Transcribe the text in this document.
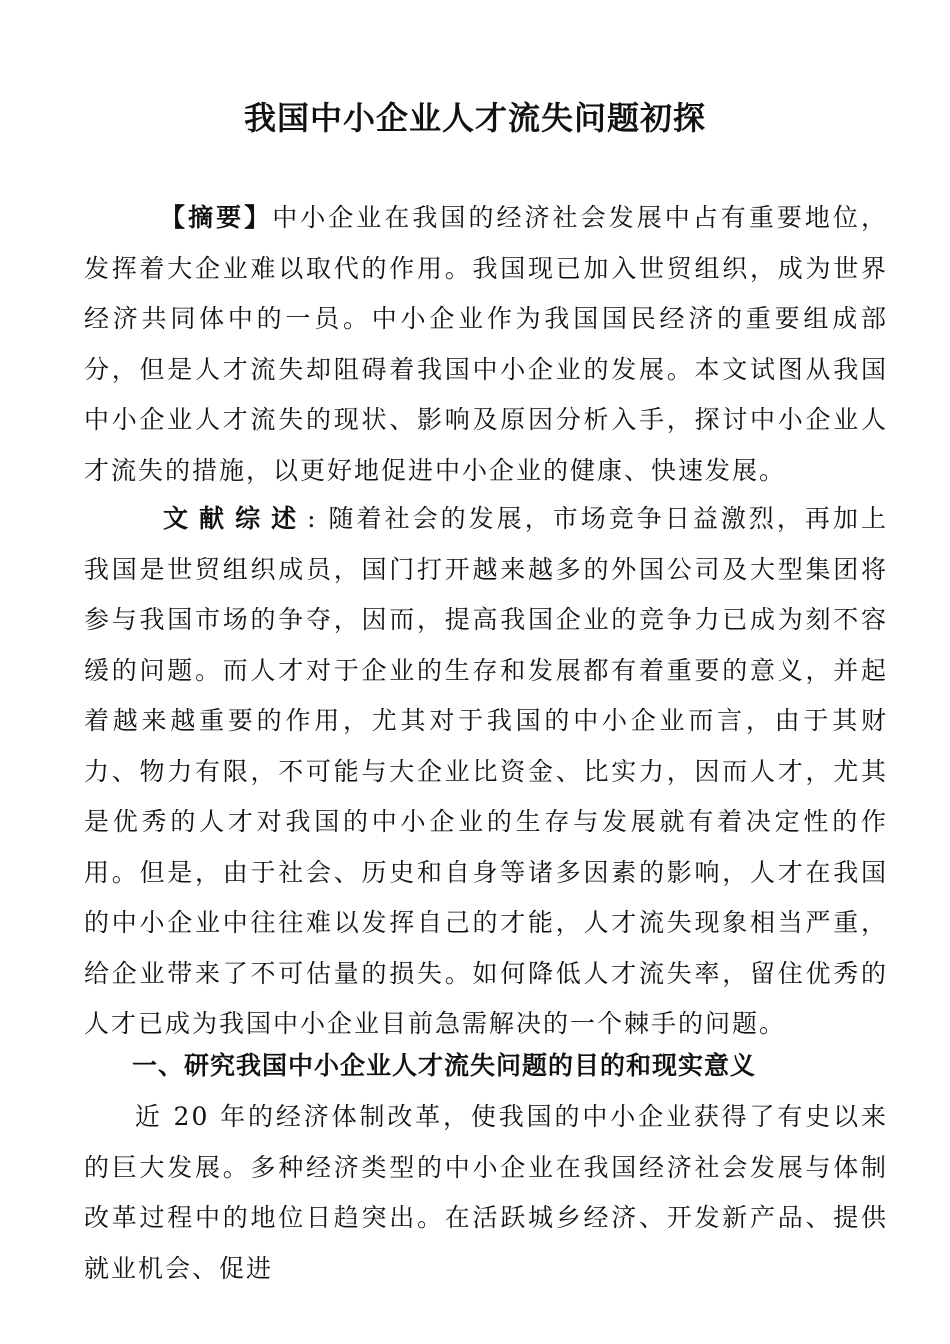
我国中小企业人才流失问题初探

【摘要】中小企业在我国的经济社会发展中占有重要地位，发挥着大企业难以取代的作用。我国现已加入世贸组织，成为世界经济共同体中的一员。中小企业作为我国国民经济的重要组成部分，但是人才流失却阻碍着我国中小企业的发展。本文试图从我国中小企业人才流失的现状、影响及原因分析入手，探讨中小企业人才流失的措施，以更好地促进中小企业的健康、快速发展。

文献综述: 随着社会的发展，市场竞争日益激烈，再加上我国是世贸组织成员，国门打开越来越多的外国公司及大型集团将参与我国市场的争夺，因而，提高我国企业的竞争力已成为刻不容缓的问题。而人才对于企业的生存和发展都有着重要的意义，并起着越来越重要的作用，尤其对于我国的中小企业而言，由于其财力、物力有限，不可能与大企业比资金、比实力，因而人才，尤其是优秀的人才对我国的中小企业的生存与发展就有着决定性的作用。但是，由于社会、历史和自身等诸多因素的影响，人才在我国的中小企业中往往难以发挥自己的才能，人才流失现象相当严重，给企业带来了不可估量的损失。如何降低人才流失率，留住优秀的人才已成为我国中小企业目前急需解决的一个棘手的问题。

一、研究我国中小企业人才流失问题的目的和现实意义

近 20 年的经济体制改革，使我国的中小企业获得了有史以来的巨大发展。多种经济类型的中小企业在我国经济社会发展与体制改革过程中的地位日趋突出。在活跃城乡经济、开发新产品、提供就业机会、促进
